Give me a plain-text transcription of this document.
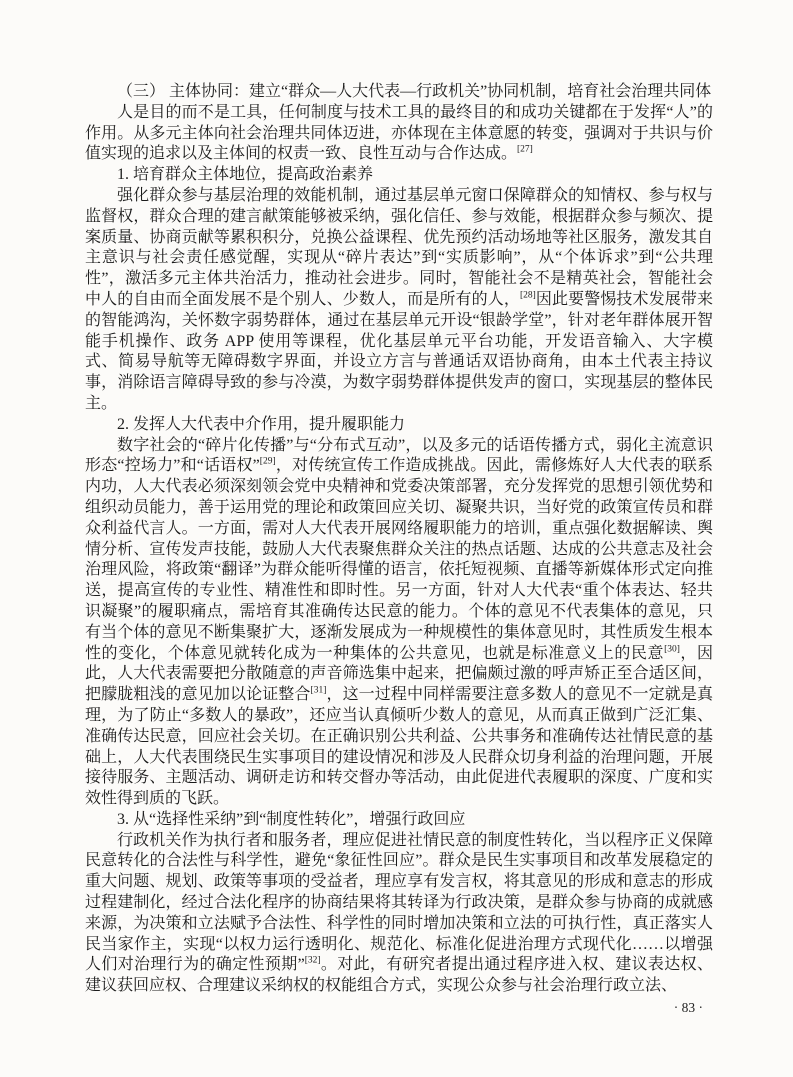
（三） 主体协同：建立“群众—人大代表—行政机关”协同机制，培育社会治理共同体

人是目的而不是工具，任何制度与技术工具的最终目的和成功关键都在于发挥“人”的作用。从多元主体向社会治理共同体迈进，亦体现在主体意愿的转变，强调对于共识与价值实现的追求以及主体间的权责一致、良性互动与合作达成。[27]

1. 培育群众主体地位，提高政治素养

强化群众参与基层治理的效能机制，通过基层单元窗口保障群众的知情权、参与权与监督权，群众合理的建言献策能够被采纳，强化信任、参与效能，根据群众参与频次、提案质量、协商贡献等累积积分，兑换公益课程、优先预约活动场地等社区服务，激发其自主意识与社会责任感觉醒，实现从“碎片表达”到“实质影响”，从“个体诉求”到“公共理性”，激活多元主体共治活力，推动社会进步。同时，智能社会不是精英社会，智能社会中人的自由而全面发展不是个别人、少数人，而是所有的人，[28]因此要警惕技术发展带来的智能鸿沟，关怀数字弱势群体，通过在基层单元开设“银龄学堂”，针对老年群体展开智能手机操作、政务 APP 使用等课程，优化基层单元平台功能，开发语音输入、大字模式、简易导航等无障碍数字界面，并设立方言与普通话双语协商角，由本土代表主持议事，消除语言障碍导致的参与冷漠，为数字弱势群体提供发声的窗口，实现基层的整体民主。

2. 发挥人大代表中介作用，提升履职能力

数字社会的“碎片化传播”与“分布式互动”，以及多元的话语传播方式，弱化主流意识形态“控场力”和“话语权”[29]，对传统宣传工作造成挑战。因此，需修炼好人大代表的联系内功，人大代表必须深刻领会党中央精神和党委决策部署，充分发挥党的思想引领优势和组织动员能力，善于运用党的理论和政策回应关切、凝聚共识，当好党的政策宣传员和群众利益代言人。一方面，需对人大代表开展网络履职能力的培训，重点强化数据解读、舆情分析、宣传发声技能，鼓励人大代表聚焦群众关注的热点话题、达成的公共意志及社会治理风险，将政策“翻译”为群众能听得懂的语言，依托短视频、直播等新媒体形式定向推送，提高宣传的专业性、精准性和即时性。另一方面，针对人大代表“重个体表达、轻共识凝聚”的履职痛点，需培育其准确传达民意的能力。个体的意见不代表集体的意见，只有当个体的意见不断集聚扩大，逐渐发展成为一种规模性的集体意见时，其性质发生根本性的变化，个体意见就转化成为一种集体的公共意见，也就是标准意义上的民意[30]，因此，人大代表需要把分散随意的声音筛选集中起来，把偏颇过激的呼声矫正至合适区间，把朦胧粗浅的意见加以论证整合[31]，这一过程中同样需要注意多数人的意见不一定就是真理，为了防止“多数人的暴政”，还应当认真倾听少数人的意见，从而真正做到广泛汇集、准确传达民意，回应社会关切。在正确识别公共利益、公共事务和准确传达社情民意的基础上，人大代表围绕民生实事项目的建设情况和涉及人民群众切身利益的治理问题，开展接待服务、主题活动、调研走访和转交督办等活动，由此促进代表履职的深度、广度和实效性得到质的飞跃。

3. 从“选择性采纳”到“制度性转化”，增强行政回应

行政机关作为执行者和服务者，理应促进社情民意的制度性转化，当以程序正义保障民意转化的合法性与科学性，避免“象征性回应”。群众是民生实事项目和改革发展稳定的重大问题、规划、政策等事项的受益者，理应享有发言权，将其意见的形成和意志的形成过程建制化，经过合法化程序的协商结果将其转译为行政决策，是群众参与协商的成就感来源，为决策和立法赋予合法性、科学性的同时增加决策和立法的可执行性，真正落实人民当家作主，实现“以权力运行透明化、规范化、标准化促进治理方式现代化……以增强人们对治理行为的确定性预期”[32]。对此，有研究者提出通过程序进入权、建议表达权、建议获回应权、合理建议采纳权的权能组合方式，实现公众参与社会治理行政立法、

· 83 ·
